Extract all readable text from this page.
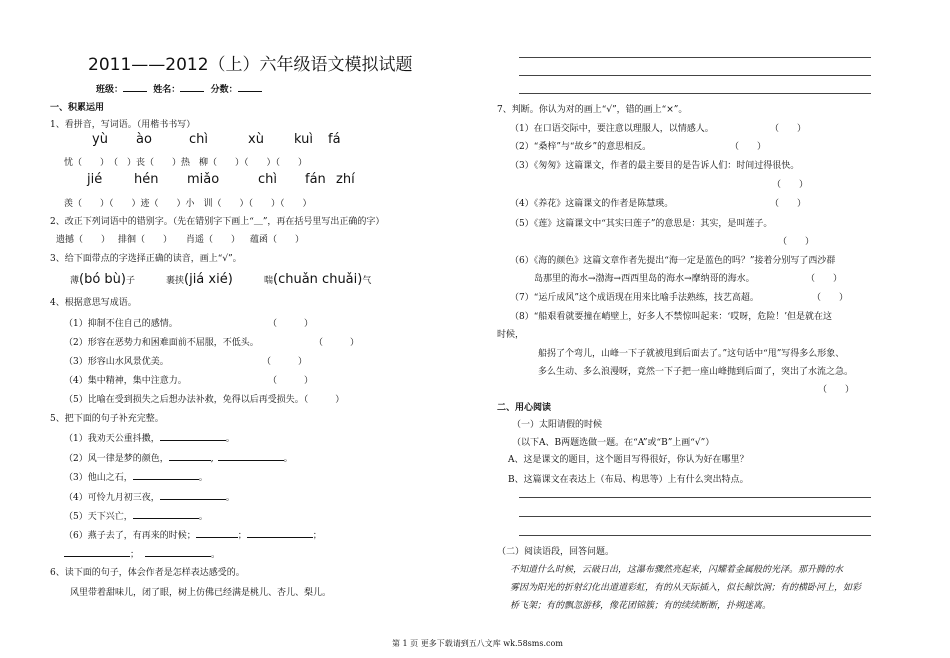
2011——2012（上）六年级语文模拟试题
班级：	姓名：	分数：
一、积累运用
1、看拼音，写词语。（用楷书书写）
yù ào	chì	xù kuì fá
忧（　　）　（　）丧（　　）热　柳（　　）（　　）（　　）
jié hén miǎo	chì fán zhí
羡（　　）（　　）迹（　　）小　训（　　）（　　）（　　）
2、改正下列词语中的错别字。（先在错别字下画上“＿”，再在括号里写出正确的字）
遗撼（　　） 排徊（　　） 肖遥（　　） 蕴函（　　）
3、给下面带点的字选择正确的读音，画上“√”。
薄(bó bù)子	裹挟(jiá xié)	喘(chuǎn chuǎi)气
4、根据意思写成语。
（1）抑制不住自己的感情。	（　　　）
（2）形容在恶势力和困难面前不屈服，不低头。	（　　　）
（3）形容山水风景优美。	（　　　）
（4）集中精神，集中注意力。	（　　　）
（5）比喻在受到损失之后想办法补救，免得以后再受损失。（　　　）
5、把下面的句子补充完整。
（1）我劝天公重抖擞，	。
（2）风一律是梦的颜色，	,	。
（3）他山之石，	。
（4）可怜九月初三夜，	。
（5）天下兴亡，	。
（6）燕子去了，有再来的时候；	；	；
；	。
6、读下面的句子，体会作者是怎样表达感受的。
风里带着甜味儿，闭了眼，树上仿佛已经满是桃儿、杏儿、梨儿。
7、判断。你认为对的画上“√”，错的画上“×”。
（1）在口语交际中，要注意以理服人，以情感人。	（　　）
（2）“桑梓”与“故乡”的意思相反。	（　　）
（3）《匆匆》这篇课文，作者的最主要目的是告诉人们：时间过得很快。
（　　）
（4）《养花》这篇课文的作者是陈慧瑛。	（　　）
（5）《莲》这篇课文中“其实曰莲子”的意思是：其实，是叫莲子。
（　　）
（6）《海的颜色》这篇文章作者先提出“海一定是蓝色的吗？”接着分别写了西沙群
岛那里的海水→渤海→西西里岛的海水→摩纳哥的海水。	（　　）
（7）“运斤成风”这个成语现在用来比喻手法熟练，技艺高超。	（　　）
（8）“船艰看就要撞在峭壁上，好多人不禁惊叫起来：‘哎呀，危险！’但是就在这
时候，
船拐了个弯儿，山峰一下子就被甩到后面去了。”这句话中“甩”写得多么形象、
多么生动、多么浪漫呀，竟然一下子把一座山峰抛到后面了，突出了水流之急。
（　　）
二、用心阅读
（一）太阳请假的时候
（以下A、B两题选做一题。在“A”或“B”上画“√”）
A、这是课文的题目，这个题目写得很好，你认为好在哪里？
B、这篇课文在表达上（布局、构思等）上有什么突出特点。
（二）阅读语段，回答问题。
不知道什么时候，云破日出，这瀑布骤然亮起来，闪耀着金属般的光泽。那升腾的水
雾因为阳光的折射幻化出道道彩虹，有的从天际插入，似长鲸饮涧；有的横卧河上，如彩
桥飞架；有的飘忽游移，像花团锦簇；有的续续断断，扑朔迷离。
第 1 页 更多下载请到五八文库 wk.58sms.com
